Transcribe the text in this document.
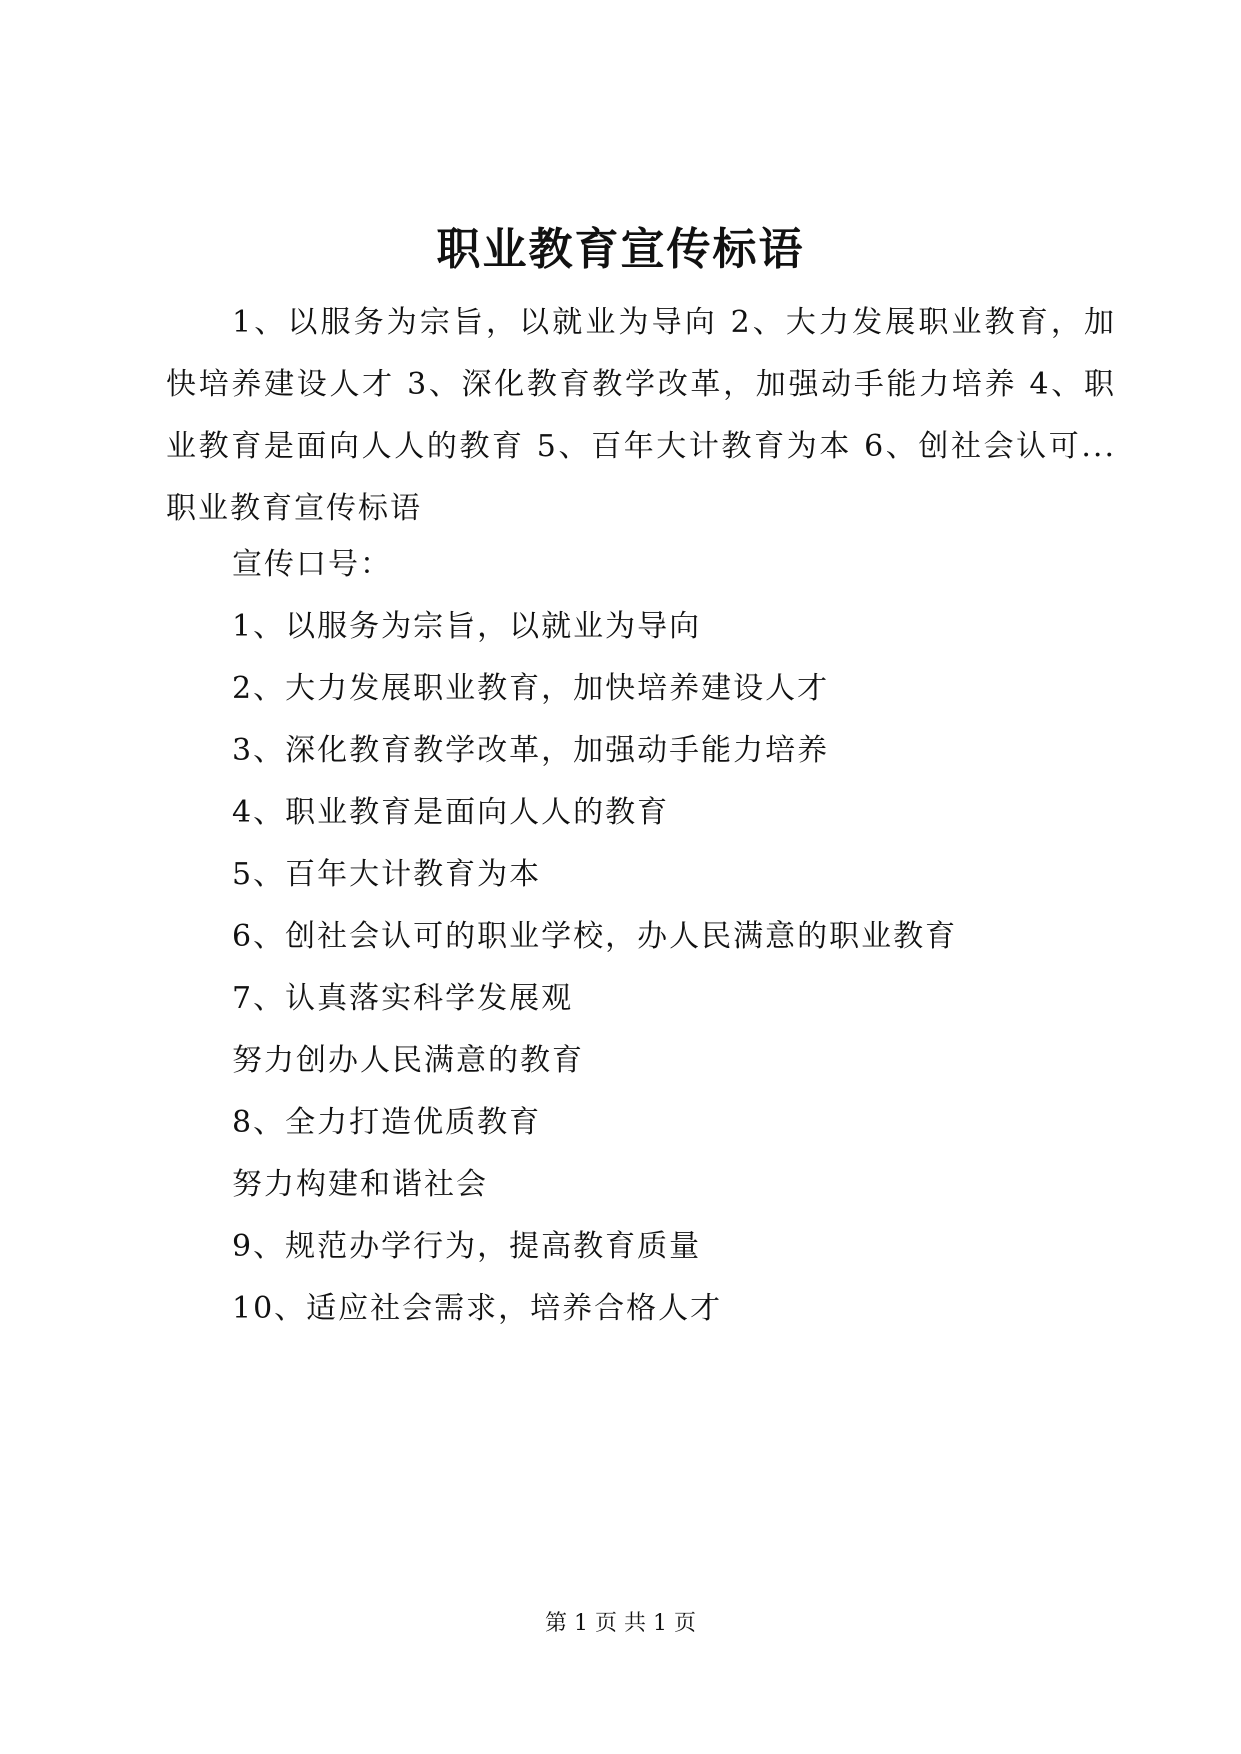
职业教育宣传标语
1、以服务为宗旨，以就业为导向 2、大力发展职业教育，加快培养建设人才 3、深化教育教学改革，加强动手能力培养 4、职业教育是面向人人的教育 5、百年大计教育为本 6、创社会认可...职业教育宣传标语
宣传口号：
1、以服务为宗旨，以就业为导向
2、大力发展职业教育，加快培养建设人才
3、深化教育教学改革，加强动手能力培养
4、职业教育是面向人人的教育
5、百年大计教育为本
6、创社会认可的职业学校，办人民满意的职业教育
7、认真落实科学发展观
努力创办人民满意的教育
8、全力打造优质教育
努力构建和谐社会
9、规范办学行为，提高教育质量
10、适应社会需求，培养合格人才
第 1 页 共 1 页
